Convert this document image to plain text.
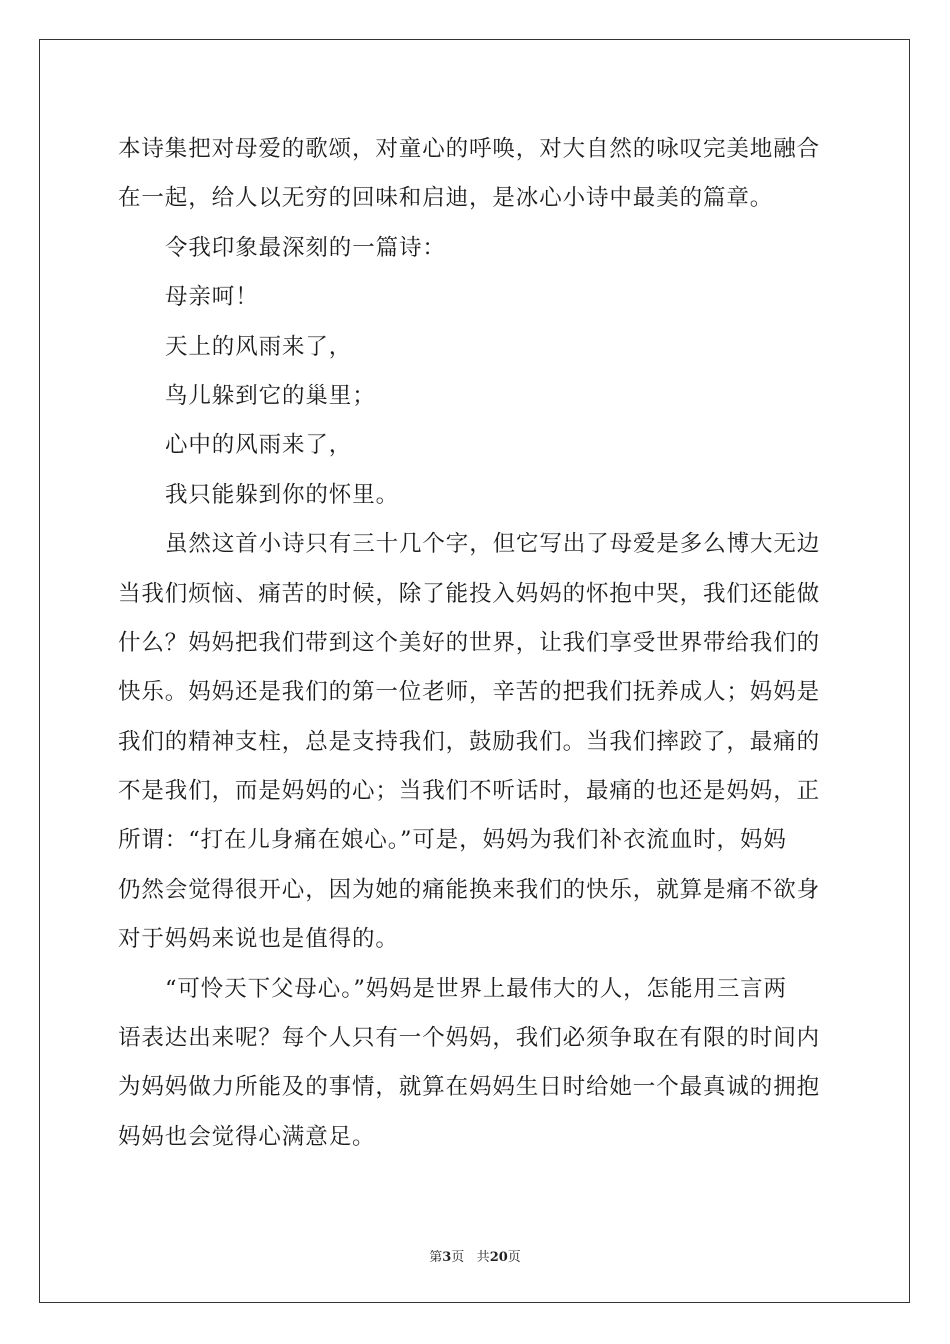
本诗集把对母爱的歌颂，对童心的呼唤，对大自然的咏叹完美地融合
在一起，给人以无穷的回味和启迪，是冰心小诗中最美的篇章。
令我印象最深刻的一篇诗：
母亲呵！
天上的风雨来了，
鸟儿躲到它的巢里；
心中的风雨来了，
我只能躲到你的怀里。
虽然这首小诗只有三十几个字，但它写出了母爱是多么博大无边
当我们烦恼、痛苦的时候，除了能投入妈妈的怀抱中哭，我们还能做
什么？妈妈把我们带到这个美好的世界，让我们享受世界带给我们的
快乐。妈妈还是我们的第一位老师，辛苦的把我们抚养成人；妈妈是
我们的精神支柱，总是支持我们，鼓励我们。当我们摔跤了，最痛的
不是我们，而是妈妈的心；当我们不听话时，最痛的也还是妈妈，正
所谓：“打在儿身痛在娘心。”可是，妈妈为我们补衣流血时，妈妈
仍然会觉得很开心，因为她的痛能换来我们的快乐，就算是痛不欲身
对于妈妈来说也是值得的。
“可怜天下父母心。”妈妈是世界上最伟大的人，怎能用三言两
语表达出来呢？每个人只有一个妈妈，我们必须争取在有限的时间内
为妈妈做力所能及的事情，就算在妈妈生日时给她一个最真诚的拥抱
妈妈也会觉得心满意足。
第3页 共20页
